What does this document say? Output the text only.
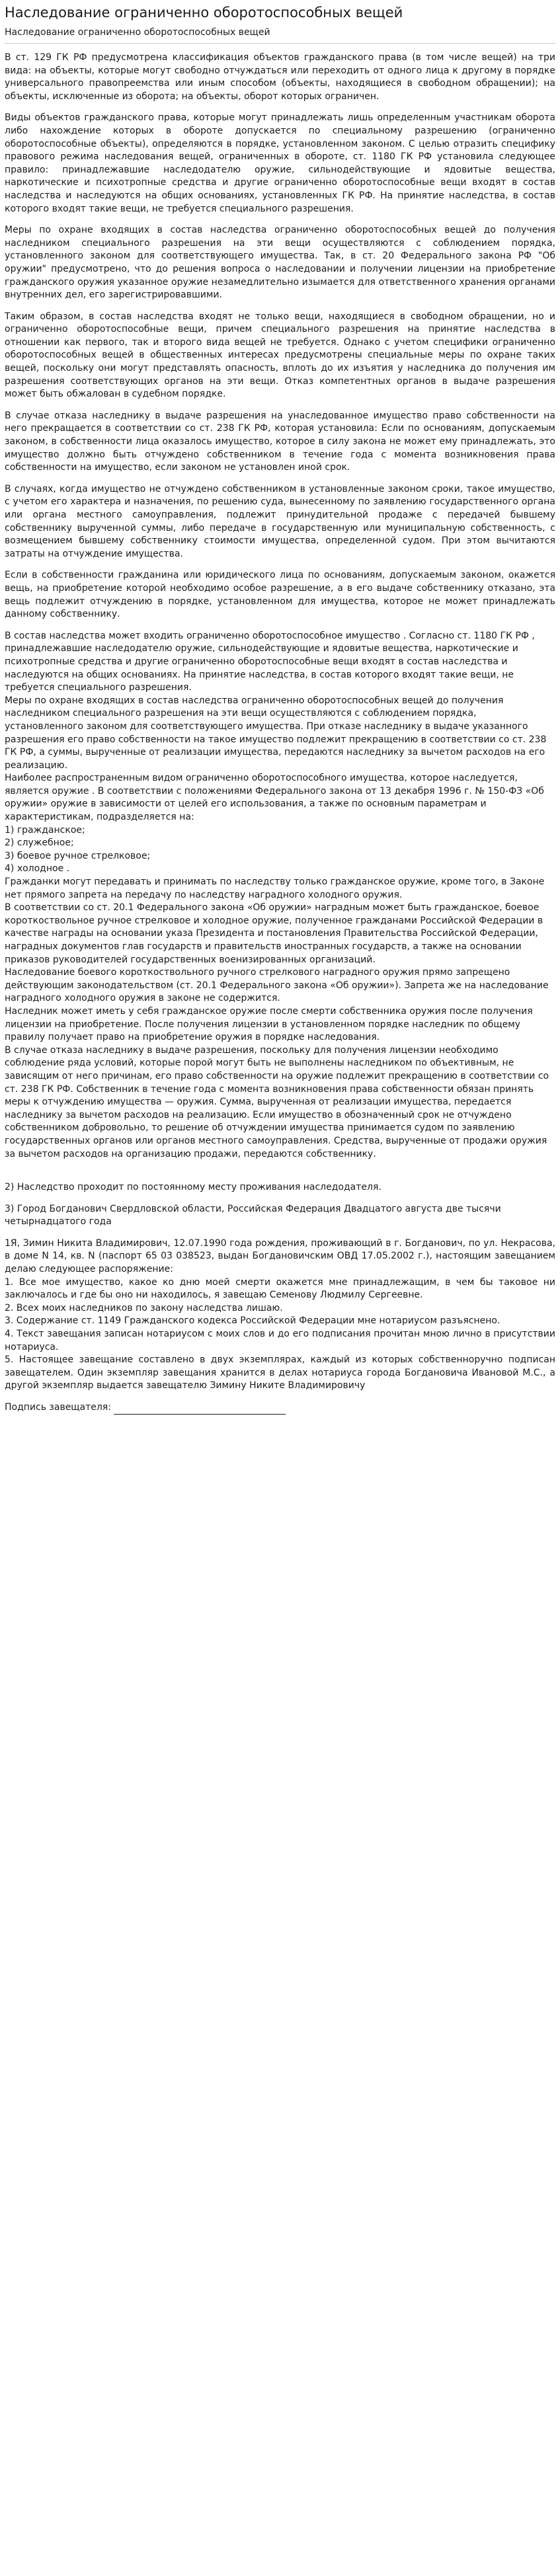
Наследование ограниченно оборотоспособных вещей
Наследование ограниченно оборотоспособных вещей

В ст. 129 ГК РФ предусмотрена классификация объектов гражданского права (в том числе вещей) на три вида: на объекты, которые могут свободно отчуждаться или переходить от одного лица к другому в порядке универсального правопреемства или иным способом (объекты, находящиеся в свободном обращении); на объекты, исключенные из оборота; на объекты, оборот которых ограничен.

Виды объектов гражданского права, которые могут принадлежать лишь определенным участникам оборота либо нахождение которых в обороте допускается по специальному разрешению (ограниченно оборотоспособные объекты), определяются в порядке, установленном законом. С целью отразить специфику правового режима наследования вещей, ограниченных в обороте, ст. 1180 ГК РФ установила следующее правило: принадлежавшие наследодателю оружие, сильнодействующие и ядовитые вещества, наркотические и психотропные средства и другие ограниченно оборотоспособные вещи входят в состав наследства и наследуются на общих основаниях, установленных ГК РФ. На принятие наследства, в состав которого входят такие вещи, не требуется специального разрешения.

Меры по охране входящих в состав наследства ограниченно оборотоспособных вещей до получения наследником специального разрешения на эти вещи осуществляются с соблюдением порядка, установленного законом для соответствующего имущества. Так, в ст. 20 Федерального закона РФ "Об оружии" предусмотрено, что до решения вопроса о наследовании и получении лицензии на приобретение гражданского оружия указанное оружие незамедлительно изымается для ответственного хранения органами внутренних дел, его зарегистрировавшими.

Таким образом, в состав наследства входят не только вещи, находящиеся в свободном обращении, но и ограниченно оборотоспособные вещи, причем специального разрешения на принятие наследства в отношении как первого, так и второго вида вещей не требуется. Однако с учетом специфики ограниченно оборотоспособных вещей в общественных интересах предусмотрены специальные меры по охране таких вещей, поскольку они могут представлять опасность, вплоть до их изъятия у наследника до получения им разрешения соответствующих органов на эти вещи. Отказ компетентных органов в выдаче разрешения может быть обжалован в судебном порядке.

В случае отказа наследнику в выдаче разрешения на унаследованное имущество право собственности на него прекращается в соответствии со ст. 238 ГК РФ, которая установила: Если по основаниям, допускаемым законом, в собственности лица оказалось имущество, которое в силу закона не может ему принадлежать, это имущество должно быть отчуждено собственником в течение года с момента возникновения права собственности на имущество, если законом не установлен иной срок.

В случаях, когда имущество не отчуждено собственником в установленные законом сроки, такое имущество, с учетом его характера и назначения, по решению суда, вынесенному по заявлению государственного органа или органа местного самоуправления, подлежит принудительной продаже с передачей бывшему собственнику вырученной суммы, либо передаче в государственную или муниципальную собственность, с возмещением бывшему собственнику стоимости имущества, определенной судом. При этом вычитаются затраты на отчуждение имущества.

Если в собственности гражданина или юридического лица по основаниям, допускаемым законом, окажется вещь, на приобретение которой необходимо особое разрешение, а в его выдаче собственнику отказано, эта вещь подлежит отчуждению в порядке, установленном для имущества, которое не может принадлежать данному собственнику.

В состав наследства может входить ограниченно оборотоспособное имущество . Согласно ст. 1180 ГК РФ , принадлежавшие наследодателю оружие, сильнодействующие и ядовитые вещества, наркотические и психотропные средства и другие ограниченно оборотоспособные вещи входят в состав наследства и наследуются на общих основаниях. На принятие наследства, в состав которого входят такие вещи, не требуется специального разрешения.
Меры по охране входящих в состав наследства ограниченно оборотоспособных вещей до получения наследником специального разрешения на эти вещи осуществляются с соблюдением порядка, установленного законом для соответствующего имущества. При отказе наследнику в выдаче указанного разрешения его право собственности на такое имущество подлежит прекращению в соответствии со ст. 238 ГК РФ, а суммы, вырученные от реализации имущества, передаются наследнику за вычетом расходов на его реализацию.
Наиболее распространенным видом ограниченно оборотоспособного имущества, которое наследуется, является оружие . В соответствии с положениями Федерального закона от 13 декабря 1996 г. № 150-ФЗ «Об оружии» оружие в зависимости от целей его использования, а также по основным параметрам и характеристикам, подразделяется на:
1) гражданское;
2) служебное;
3) боевое ручное стрелковое;
4) холодное .
Гражданки могут передавать и принимать по наследству только гражданское оружие, кроме того, в Законе нет прямого запрета на передачу по наследству наградного холодного оружия.
В соответствии со ст. 20.1 Федерального закона «Об оружии» наградным может быть гражданское, боевое короткоствольное ручное стрелковое и холодное оружие, полученное гражданами Российской Федерации в качестве награды на основании указа Президента и постановления Правительства Российской Федерации, наградных документов глав государств и правительств иностранных государств, а также на основании приказов руководителей государственных военизированных организаций.
Наследование боевого короткоствольного ручного стрелкового наградного оружия прямо запрещено действующим законодательством (ст. 20.1 Федерального закона «Об оружии»). Запрета же на наследование наградного холодного оружия в законе не содержится.
Наследник может иметь у себя гражданское оружие после смерти собственника оружия после получения лицензии на приобретение. После получения лицензии в установленном порядке наследник по общему правилу получает право на приобретение оружия в порядке наследования.
В случае отказа наследнику в выдаче разрешения, поскольку для получения лицензии необходимо соблюдение ряда условий, которые порой могут быть не выполнены наследником по объективным, не зависящим от него причинам, его право собственности на оружие подлежит прекращению в соответствии со ст. 238 ГК РФ. Собственник в течение года с момента возникновения права собственности обязан принять меры к отчуждению имущества — оружия. Сумма, вырученная от реализации имущества, передается наследнику за вычетом расходов на реализацию. Если имущество в обозначенный срок не отчуждено собственником добровольно, то решение об отчуждении имущества принимается судом по заявлению государственных органов или органов местного самоуправления. Средства, вырученные от продажи оружия за вычетом расходов на организацию продажи, передаются собственнику.

2) Наследство проходит по постоянному месту проживания наследодателя.

3) Город Богданович Свердловской области, Российская Федерация Двадцатого августа две тысячи четырнадцатого года

1Я, Зимин Никита Владимирович, 12.07.1990 года рождения, проживающий в г. Богданович, по ул. Некрасова, в доме N 14, кв. N (паспорт 65 03 038523, выдан Богдановичским ОВД 17.05.2002 г.), настоящим завещанием делаю следующее распоряжение:
1. Все мое имущество, какое ко дню моей смерти окажется мне принадлежащим, в чем бы таковое ни заключалось и где бы оно ни находилось, я завещаю Семенову Людмилу Сергеевне.
2. Всех моих наследников по закону наследства лишаю.
3. Содержание ст. 1149 Гражданского кодекса Российской Федерации мне нотариусом разъяснено.
4. Текст завещания записан нотариусом с моих слов и до его подписания прочитан мною лично в присутствии нотариуса.
5. Настоящее завещание составлено в двух экземплярах, каждый из которых собственноручно подписан завещателем. Один экземпляр завещания хранится в делах нотариуса города Богдановича Ивановой М.С., а другой экземпляр выдается завещателю Зимину Никите Владимировичу
Подпись завещателя:
